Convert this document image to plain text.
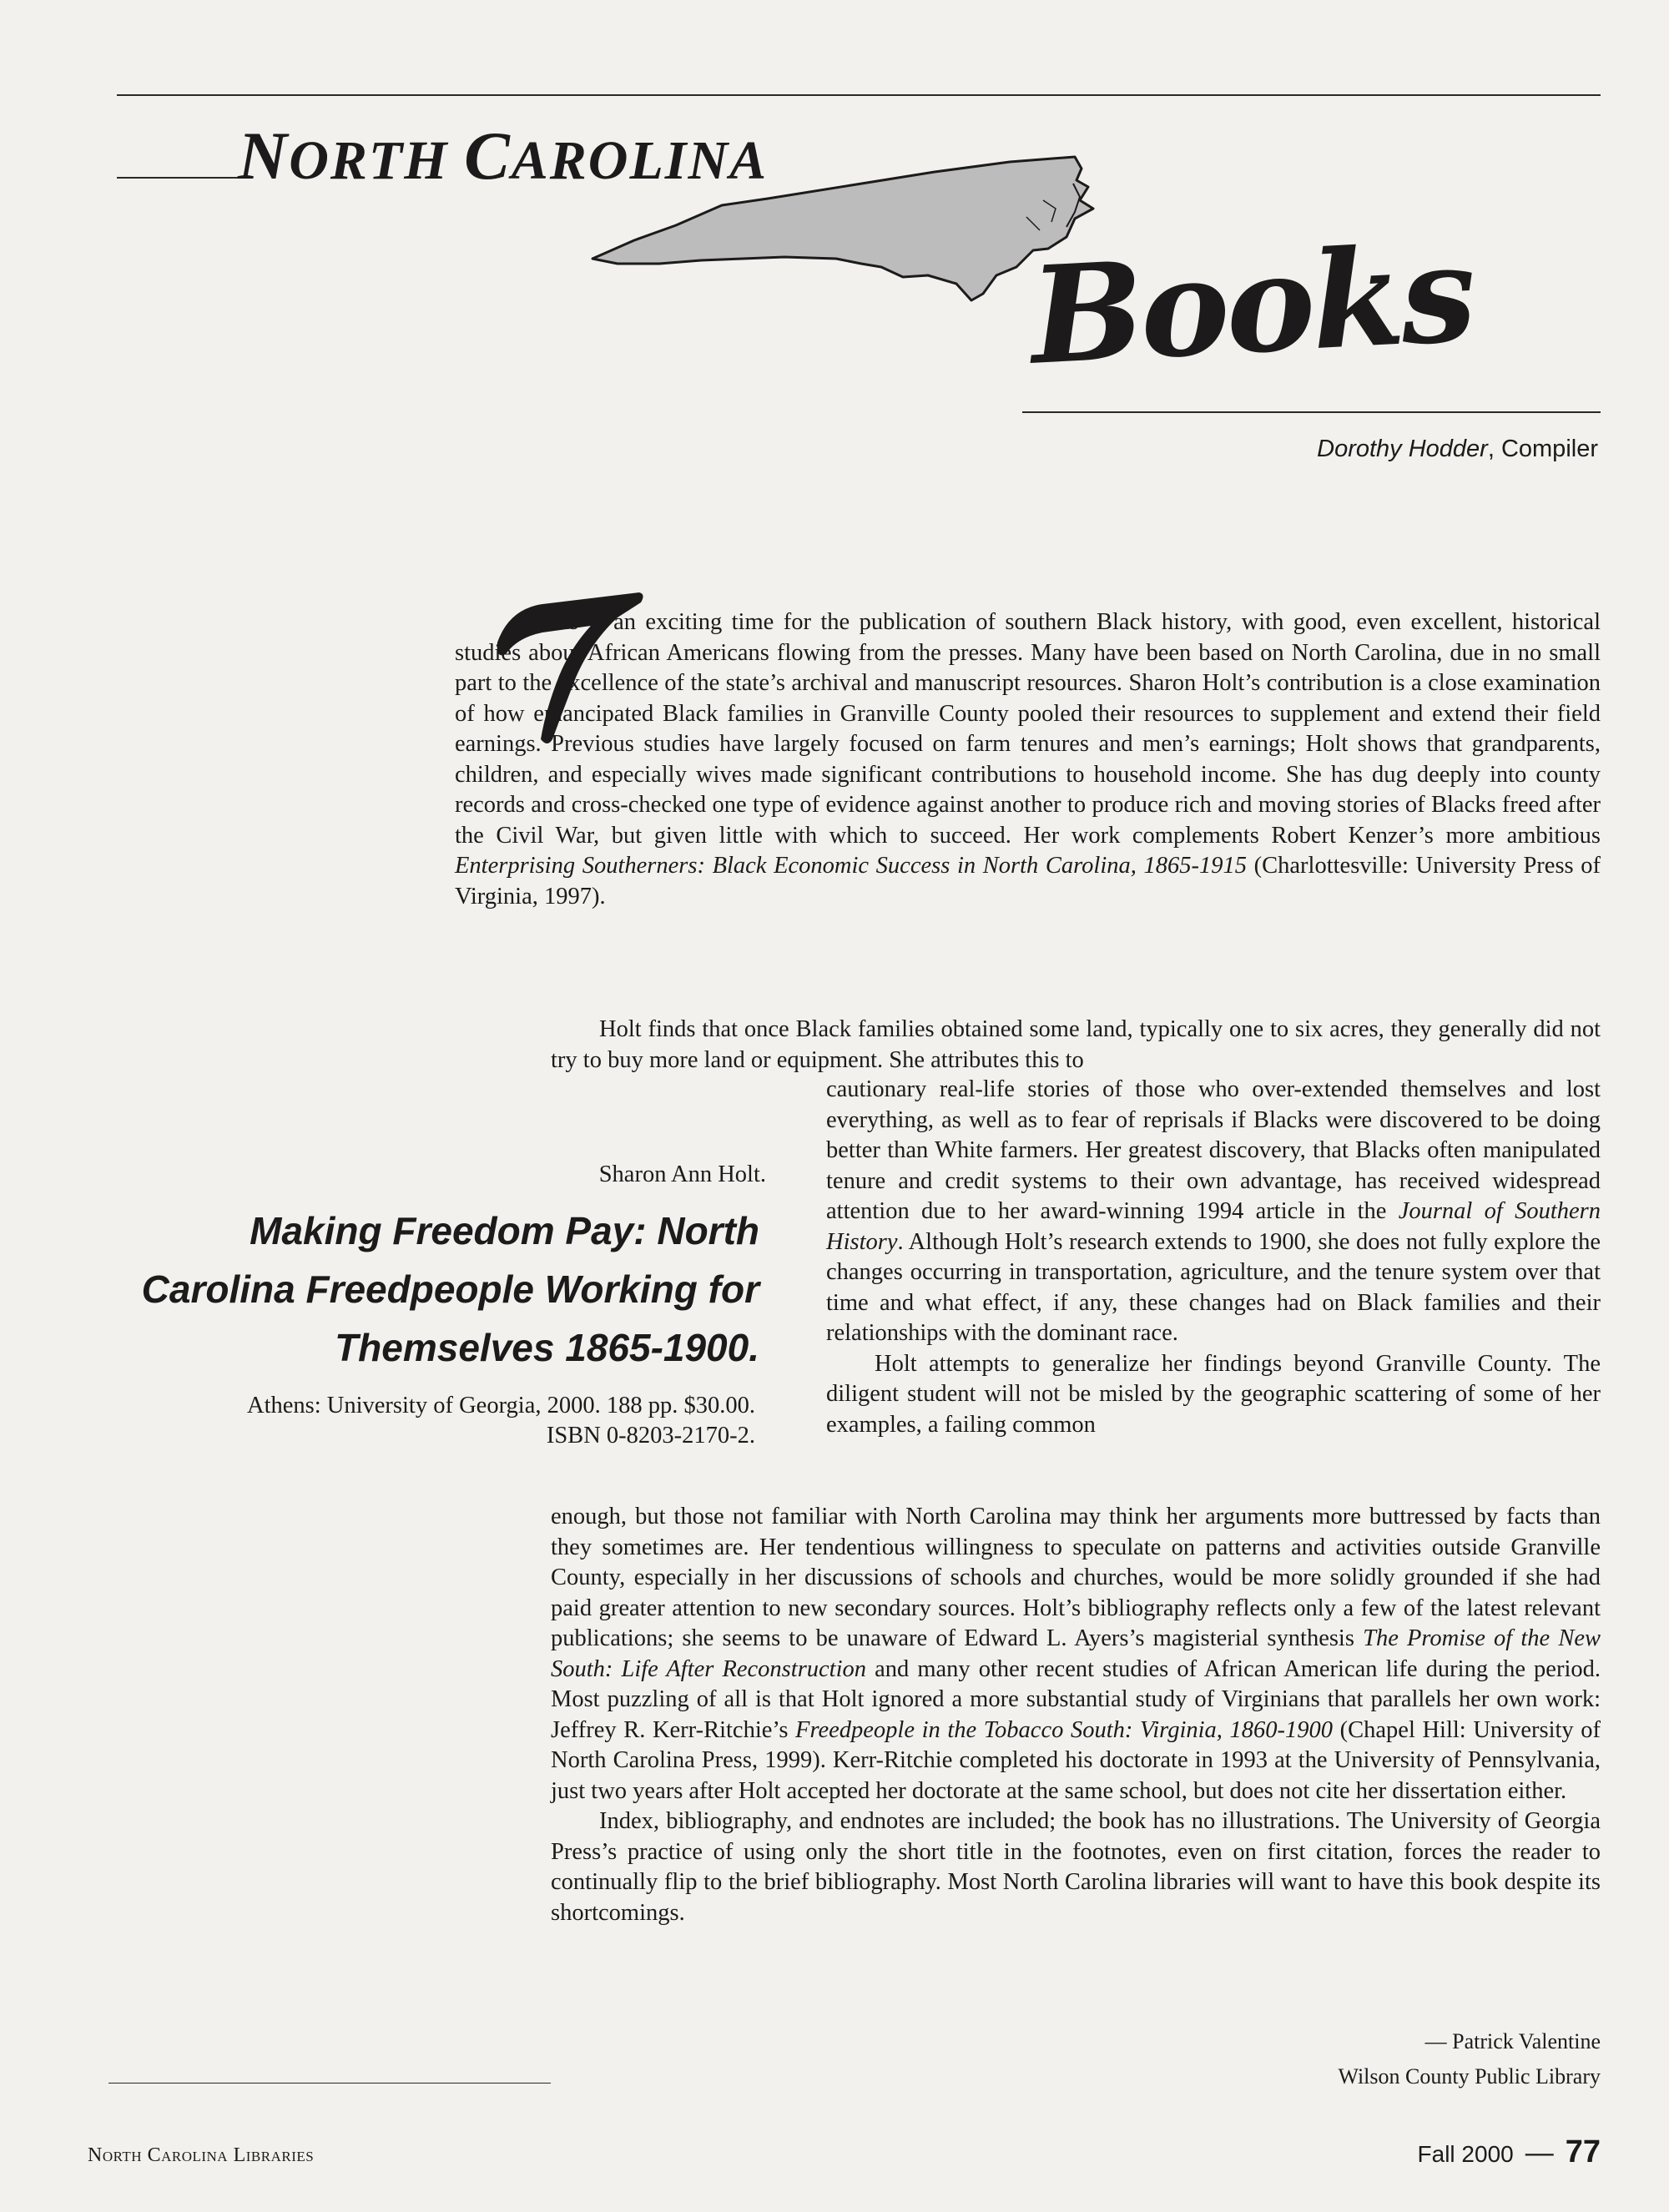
NORTH CAROLINA
Books

Dorothy Hodder, Compiler

his is an exciting time for the publication of southern Black history, with good, even excellent, historical studies about African Americans flowing from the presses. Many have been based on North Carolina, due in no small part to the excellence of the state’s archival and manuscript resources. Sharon Holt’s contribution is a close examination of how emancipated Black families in Granville County pooled their resources to supplement and extend their field earnings. Previous studies have largely focused on farm tenures and men’s earnings; Holt shows that grandparents, children, and especially wives made significant contributions to household income. She has dug deeply into county records and cross-checked one type of evidence against another to produce rich and moving stories of Blacks freed after the Civil War, but given little with which to succeed. Her work complements Robert Kenzer’s more ambitious Enterprising Southerners: Black Economic Success in North Carolina, 1865-1915 (Charlottesville: University Press of Virginia, 1997).

Holt finds that once Black families obtained some land, typically one to six acres, they generally did not try to buy more land or equipment. She attributes this to

cautionary real-life stories of those who over-extended themselves and lost everything, as well as to fear of reprisals if Blacks were discovered to be doing better than White farmers. Her greatest discovery, that Blacks often manipulated tenure and credit systems to their own advantage, has received widespread attention due to her award-winning 1994 article in the Journal of Southern History. Although Holt’s research extends to 1900, she does not fully explore the changes occurring in transportation, agriculture, and the tenure system over that time and what effect, if any, these changes had on Black families and their relationships with the dominant race.

Holt attempts to generalize her findings beyond Granville County. The diligent student will not be misled by the geographic scattering of some of her examples, a failing common

enough, but those not familiar with North Carolina may think her arguments more buttressed by facts than they sometimes are. Her tendentious willingness to speculate on patterns and activities outside Granville County, especially in her discussions of schools and churches, would be more solidly grounded if she had paid greater attention to new secondary sources. Holt’s bibliography reflects only a few of the latest relevant publications; she seems to be unaware of Edward L. Ayers’s magisterial synthesis The Promise of the New South: Life After Reconstruction and many other recent studies of African American life during the period. Most puzzling of all is that Holt ignored a more substantial study of Virginians that parallels her own work: Jeffrey R. Kerr-Ritchie’s Freedpeople in the Tobacco South: Virginia, 1860-1900 (Chapel Hill: University of North Carolina Press, 1999). Kerr-Ritchie completed his doctorate in 1993 at the University of Pennsylvania, just two years after Holt accepted her doctorate at the same school, but does not cite her dissertation either.

Index, bibliography, and endnotes are included; the book has no illustrations. The University of Georgia Press’s practice of using only the short title in the footnotes, even on first citation, forces the reader to continually flip to the brief bibliography. Most North Carolina libraries will want to have this book despite its shortcomings.

Sharon Ann Holt.

Making Freedom Pay: North
Carolina Freedpeople Working for
Themselves 1865-1900.

Athens: University of Georgia, 2000. 188 pp. $30.00.
ISBN 0-8203-2170-2.

— Patrick Valentine
Wilson County Public Library

North Carolina Libraries	Fall 2000 — 77
